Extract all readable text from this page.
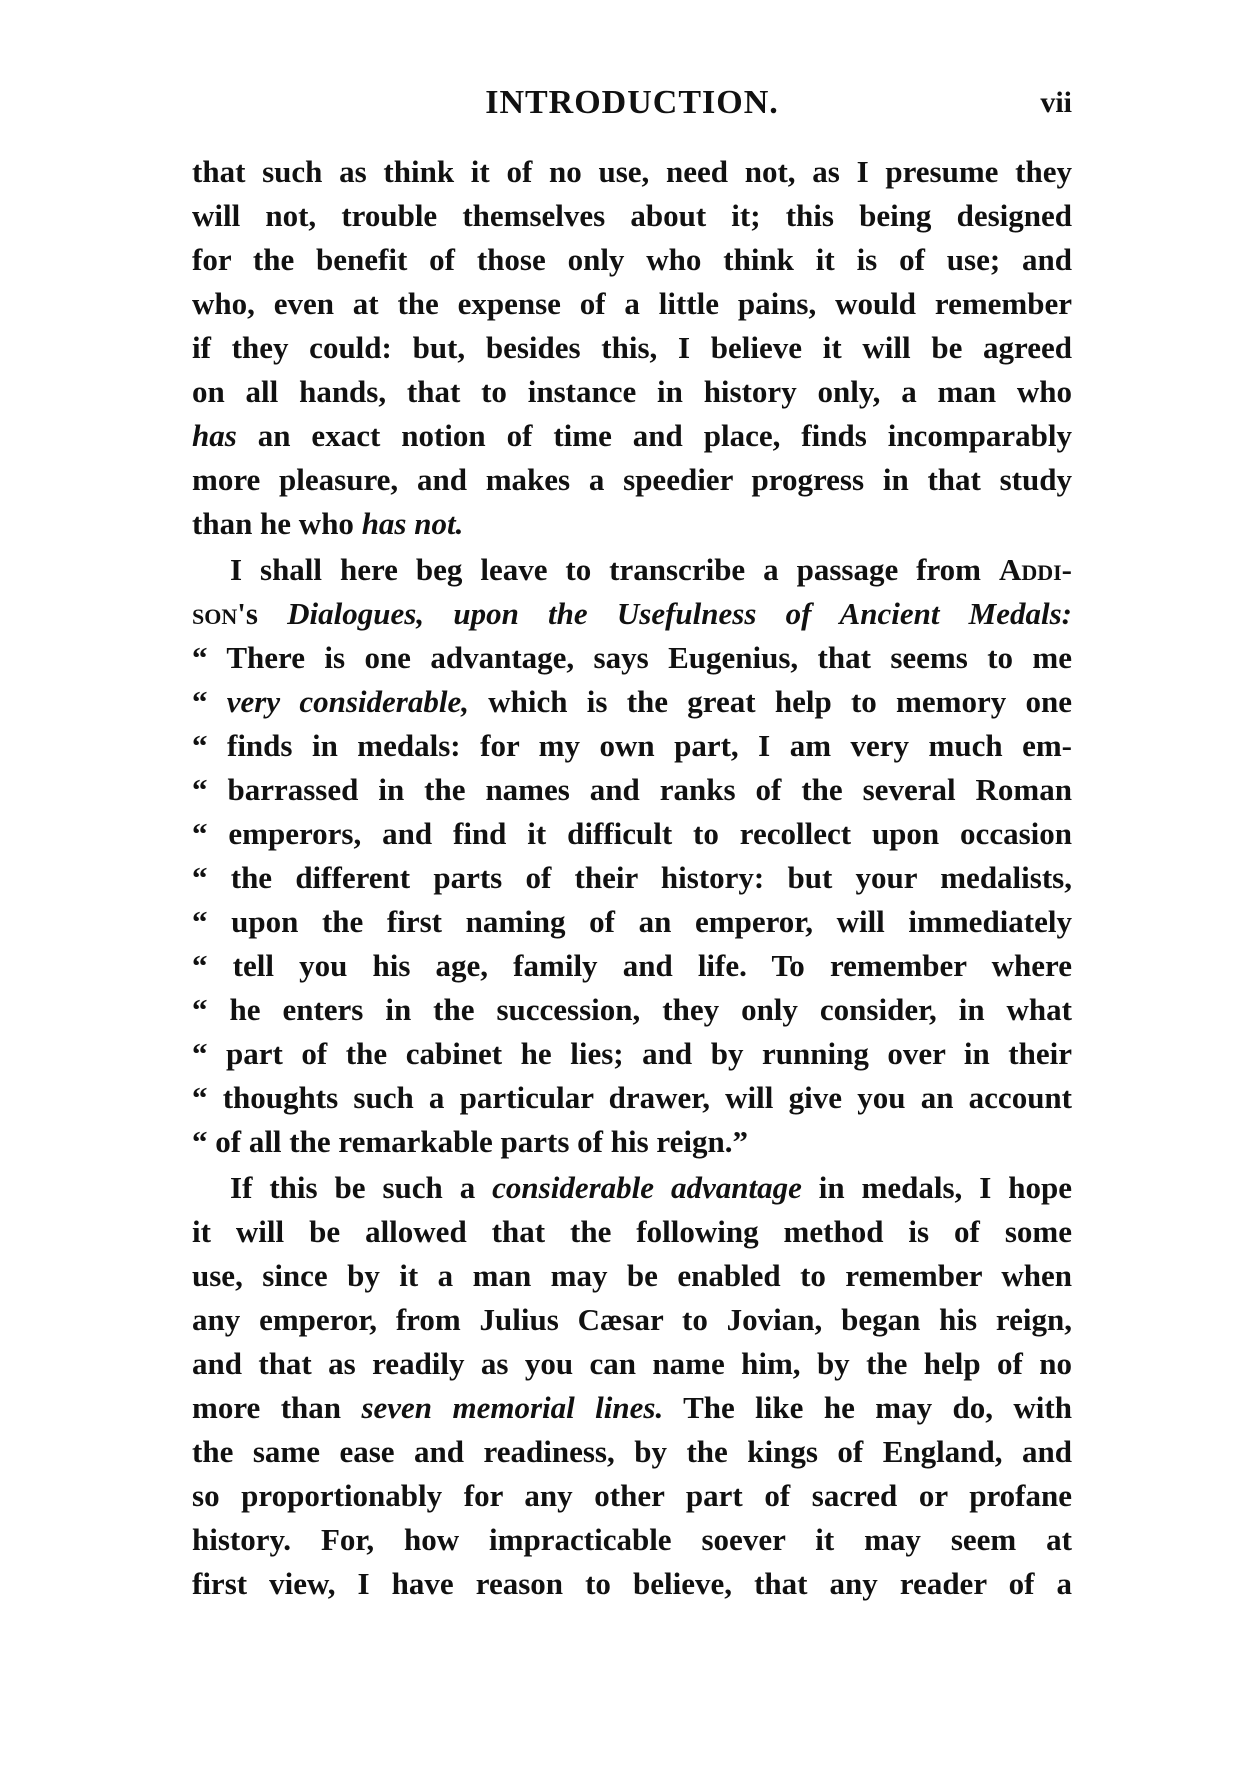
INTRODUCTION.	vii
that such as think it of no use, need not, as I presume they
will not, trouble themselves about it; this being designed
for the benefit of those only who think it is of use; and
who, even at the expense of a little pains, would remember
if they could: but, besides this, I believe it will be agreed
on all hands, that to instance in history only, a man who
has an exact notion of time and place, finds incomparably
more pleasure, and makes a speedier progress in that study
than he who has not.
I shall here beg leave to transcribe a passage from Addi-
son's Dialogues, upon the Usefulness of Ancient Medals:
“ There is one advantage, says Eugenius, that seems to me
“ very considerable, which is the great help to memory one
“ finds in medals: for my own part, I am very much em-
“ barrassed in the names and ranks of the several Roman
“ emperors, and find it difficult to recollect upon occasion
“ the different parts of their history: but your medalists,
“ upon the first naming of an emperor, will immediately
“ tell you his age, family and life. To remember where
“ he enters in the succession, they only consider, in what
“ part of the cabinet he lies; and by running over in their
“ thoughts such a particular drawer, will give you an account
“ of all the remarkable parts of his reign.”
If this be such a considerable advantage in medals, I hope
it will be allowed that the following method is of some
use, since by it a man may be enabled to remember when
any emperor, from Julius Cæsar to Jovian, began his reign,
and that as readily as you can name him, by the help of no
more than seven memorial lines. The like he may do, with
the same ease and readiness, by the kings of England, and
so proportionably for any other part of sacred or profane
history. For, how impracticable soever it may seem at
first view, I have reason to believe, that any reader of a
